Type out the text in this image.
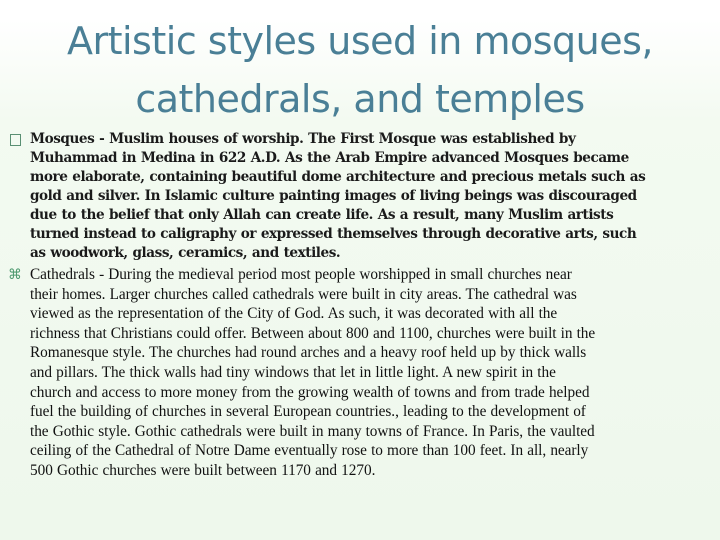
Artistic styles used in mosques,
cathedrals, and temples
Mosques - Muslim houses of worship. The First Mosque was established by
Muhammad in Medina in 622 A.D. As the Arab Empire advanced Mosques became
more elaborate, containing beautiful dome architecture and precious metals such as
gold and silver. In Islamic culture painting images of living beings was discouraged
due to the belief that only Allah can create life. As a result, many Muslim artists
turned instead to caligraphy or expressed themselves through decorative arts, such
as woodwork, glass, ceramics, and textiles.
⌘ Cathedrals - During the medieval period most people worshipped in small churches near
their homes. Larger churches called cathedrals were built in city areas. The cathedral was
viewed as the representation of the City of God. As such, it was decorated with all the
richness that Christians could offer. Between about 800 and 1100, churches were built in the
Romanesque style. The churches had round arches and a heavy roof held up by thick walls
and pillars. The thick walls had tiny windows that let in little light. A new spirit in the
church and access to more money from the growing wealth of towns and from trade helped
fuel the building of churches in several European countries., leading to the development of
the Gothic style. Gothic cathedrals were built in many towns of France. In Paris, the vaulted
ceiling of the Cathedral of Notre Dame eventually rose to more than 100 feet. In all, nearly
500 Gothic churches were built between 1170 and 1270.
